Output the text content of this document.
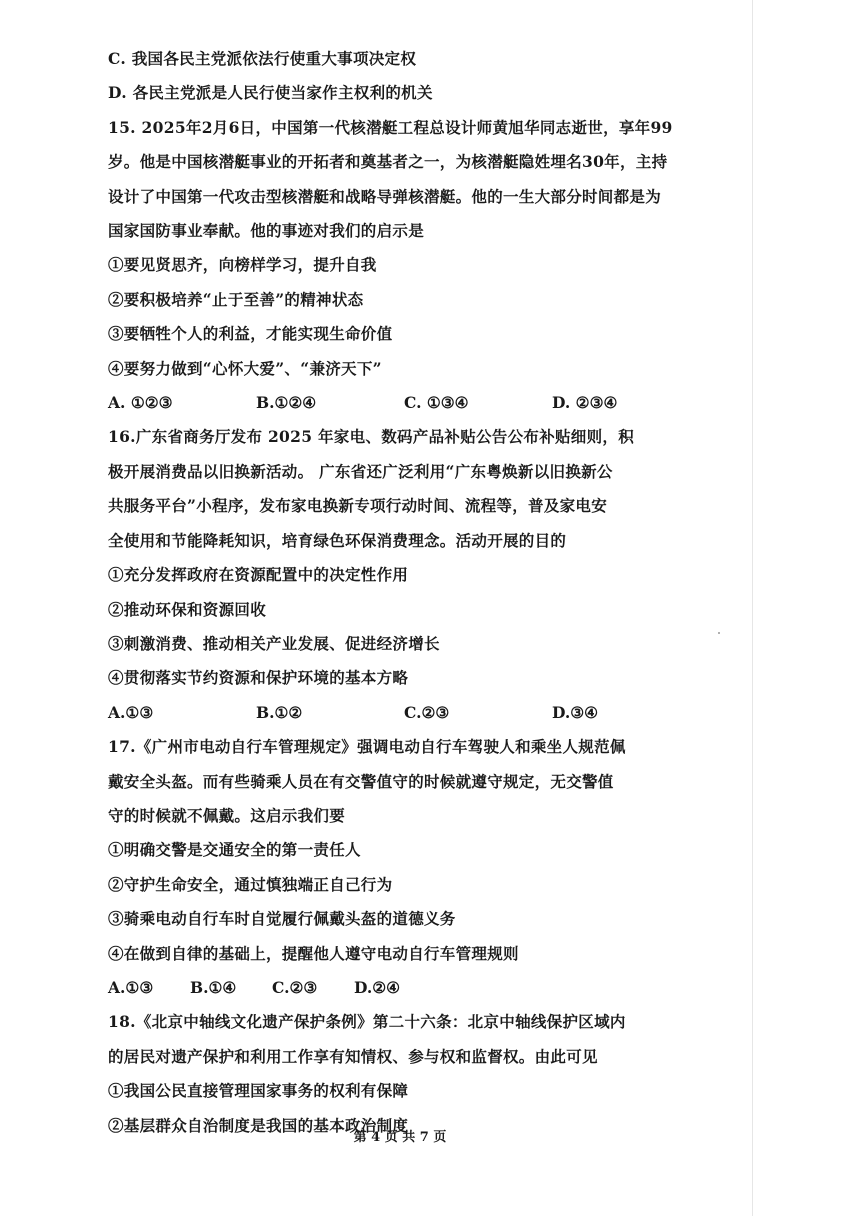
C. 我国各民主党派依法行使重大事项决定权
D. 各民主党派是人民行使当家作主权利的机关
15. 2025年2月6日，中国第一代核潜艇工程总设计师黄旭华同志逝世，享年99
岁。他是中国核潜艇事业的开拓者和奠基者之一，为核潜艇隐姓埋名30年，主持
设计了中国第一代攻击型核潜艇和战略导弹核潜艇。他的一生大部分时间都是为
国家国防事业奉献。他的事迹对我们的启示是
①要见贤思齐，向榜样学习，提升自我
②要积极培养“止于至善”的精神状态
③要牺牲个人的利益，才能实现生命价值
④要努力做到“心怀大爱”、“兼济天下”
A. ①②③	B.①②④	C. ①③④	D. ②③④
16.广东省商务厅发布 2025 年家电、数码产品补贴公告公布补贴细则，积
极开展消费品以旧换新活动。 广东省还广泛利用“广东粤焕新以旧换新公
共服务平台”小程序，发布家电换新专项行动时间、流程等，普及家电安
全使用和节能降耗知识，培育绿色环保消费理念。活动开展的目的
①充分发挥政府在资源配置中的决定性作用
②推动环保和资源回收
③刺激消费、推动相关产业发展、促进经济增长
④贯彻落实节约资源和保护环境的基本方略
A.①③	B.①②	C.②③	D.③④
17.《广州市电动自行车管理规定》强调电动自行车驾驶人和乘坐人规范佩
戴安全头盔。而有些骑乘人员在有交警值守的时候就遵守规定，无交警值
守的时候就不佩戴。这启示我们要
①明确交警是交通安全的第一责任人
②守护生命安全，通过慎独端正自己行为
③骑乘电动自行车时自觉履行佩戴头盔的道德义务
④在做到自律的基础上，提醒他人遵守电动自行车管理规则
A.①③	B.①④	C.②③	D.②④
18.《北京中轴线文化遗产保护条例》第二十六条：北京中轴线保护区域内
的居民对遗产保护和利用工作享有知情权、参与权和监督权。由此可见
①我国公民直接管理国家事务的权利有保障
②基层群众自治制度是我国的基本政治制度
第 4 页 共 7 页
